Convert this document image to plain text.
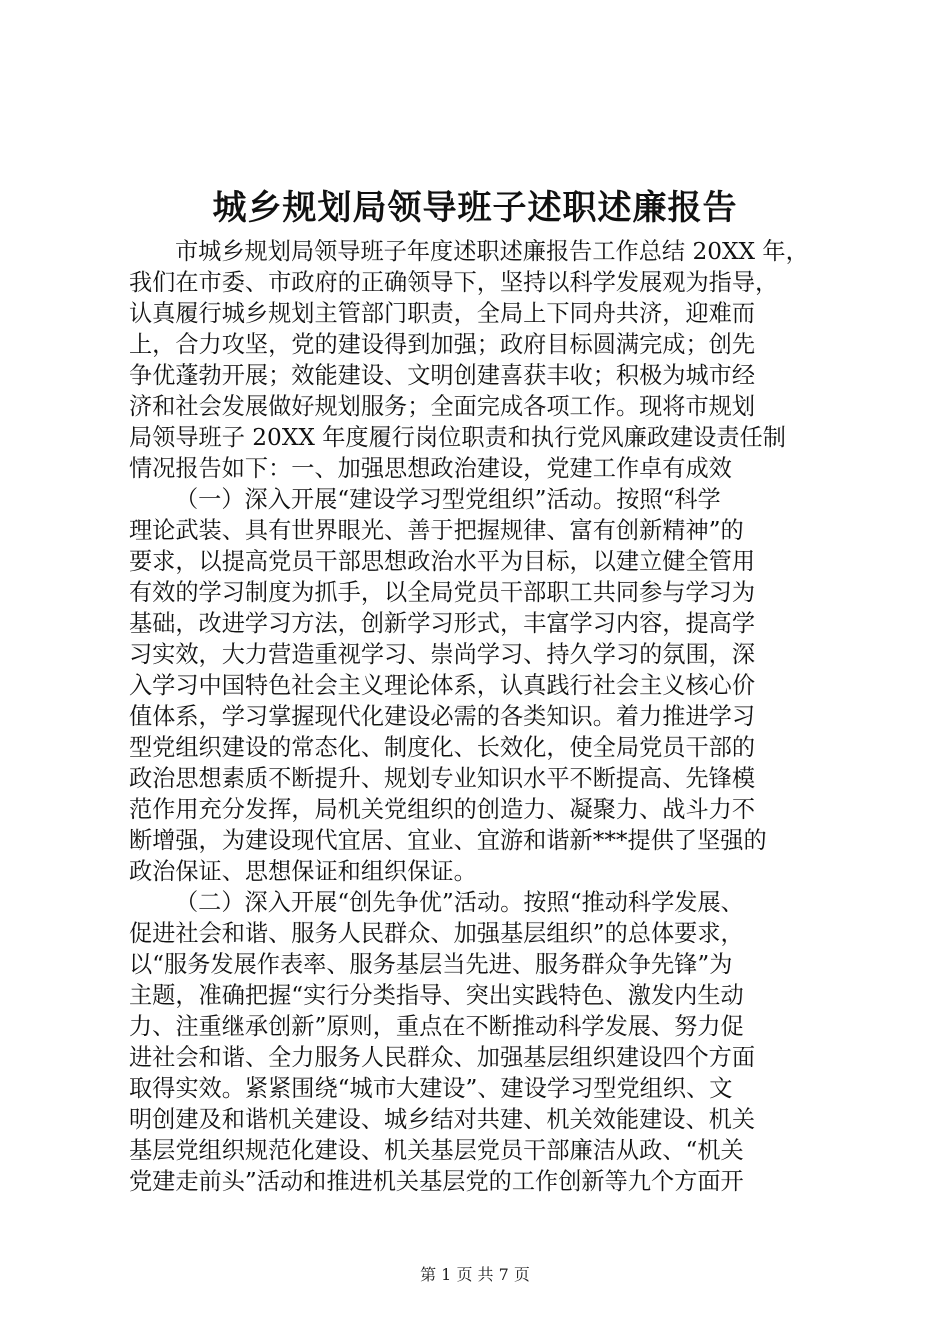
城乡规划局领导班子述职述廉报告
市城乡规划局领导班子年度述职述廉报告工作总结 20XX 年，
我们在市委、市政府的正确领导下，坚持以科学发展观为指导，
认真履行城乡规划主管部门职责，全局上下同舟共济，迎难而
上，合力攻坚，党的建设得到加强；政府目标圆满完成；创先
争优蓬勃开展；效能建设、文明创建喜获丰收；积极为城市经
济和社会发展做好规划服务；全面完成各项工作。现将市规划
局领导班子 20XX 年度履行岗位职责和执行党风廉政建设责任制
情况报告如下：一、加强思想政治建设，党建工作卓有成效
（一）深入开展“建设学习型党组织”活动。按照“科学
理论武装、具有世界眼光、善于把握规律、富有创新精神”的
要求，以提高党员干部思想政治水平为目标，以建立健全管用
有效的学习制度为抓手，以全局党员干部职工共同参与学习为
基础，改进学习方法，创新学习形式，丰富学习内容，提高学
习实效，大力营造重视学习、崇尚学习、持久学习的氛围，深
入学习中国特色社会主义理论体系，认真践行社会主义核心价
值体系，学习掌握现代化建设必需的各类知识。着力推进学习
型党组织建设的常态化、制度化、长效化，使全局党员干部的
政治思想素质不断提升、规划专业知识水平不断提高、先锋模
范作用充分发挥，局机关党组织的创造力、凝聚力、战斗力不
断增强，为建设现代宜居、宜业、宜游和谐新***提供了坚强的
政治保证、思想保证和组织保证。
（二）深入开展“创先争优”活动。按照“推动科学发展、
促进社会和谐、服务人民群众、加强基层组织”的总体要求，
以“服务发展作表率、服务基层当先进、服务群众争先锋”为
主题，准确把握“实行分类指导、突出实践特色、激发内生动
力、注重继承创新”原则，重点在不断推动科学发展、努力促
进社会和谐、全力服务人民群众、加强基层组织建设四个方面
取得实效。紧紧围绕“城市大建设”、建设学习型党组织、文
明创建及和谐机关建设、城乡结对共建、机关效能建设、机关
基层党组织规范化建设、机关基层党员干部廉洁从政、“机关
党建走前头”活动和推进机关基层党的工作创新等九个方面开
第 1 页 共 7 页
